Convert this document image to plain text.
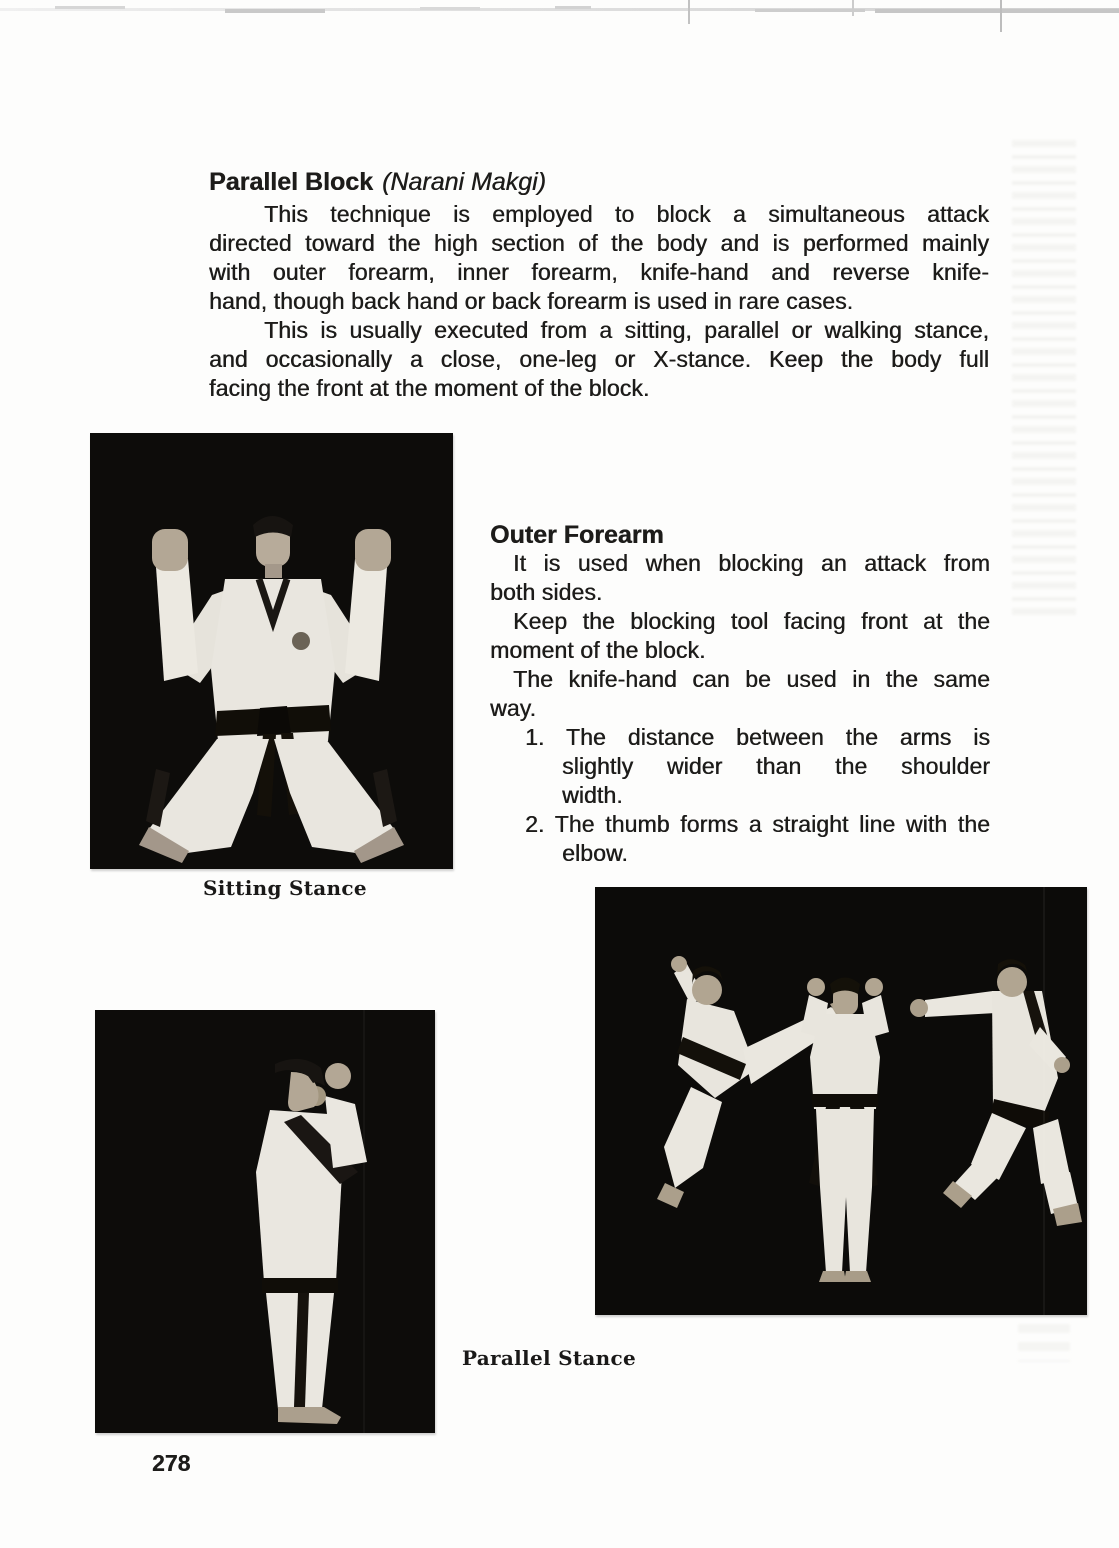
Parallel Block (Narani Makgi)
This technique is employed to block a simultaneous attack
directed toward the high section of the body and is performed mainly
with outer forearm, inner forearm, knife-hand and reverse knife-
hand, though back hand or back forearm is used in rare cases.
This is usually executed from a sitting, parallel or walking stance,
and occasionally a close, one-leg or X-stance. Keep the body full
facing the front at the moment of the block.
Outer Forearm
It is used when blocking an attack from
both sides.
Keep the blocking tool facing front at the
moment of the block.
The knife-hand can be used in the same
way.
1. The distance between the arms is
slightly wider than the shoulder
width.
2. The thumb forms a straight line with the
elbow.
Sitting Stance
Parallel Stance
278
